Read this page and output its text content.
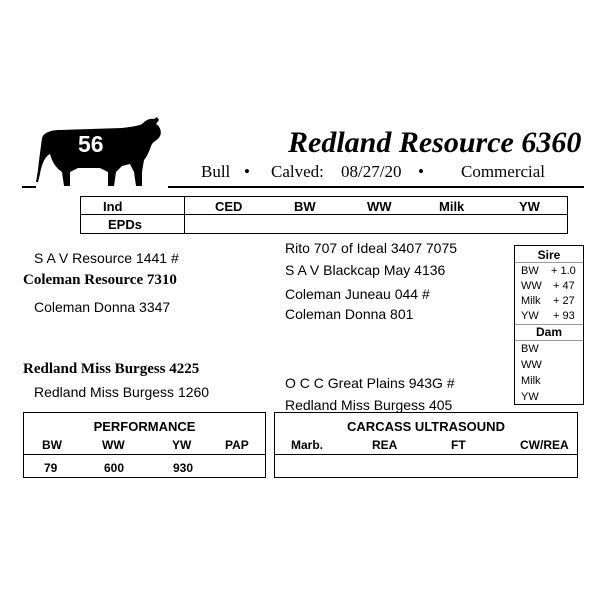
56	Redland Resource 6360
Bull • Calved: 08/27/20 • Commercial
Ind	CED	BW	WW	Milk	YW
EPDs
S A V Resource 1441 #
Coleman Resource 7310
Coleman Donna 3347
Redland Miss Burgess 4225
Redland Miss Burgess 1260
Rito 707 of Ideal 3407 7075
S A V Blackcap May 4136
Coleman Juneau 044 #
Coleman Donna 801
O C C Great Plains 943G #
Redland Miss Burgess 405
Sire
BW + 1.0
WW + 47
Milk + 27
YW + 93
Dam
BW
WW
Milk
YW
PERFORMANCE
BW	WW	YW	PAP
79	600	930
CARCASS ULTRASOUND
Marb.	REA	FT	CW/REA
